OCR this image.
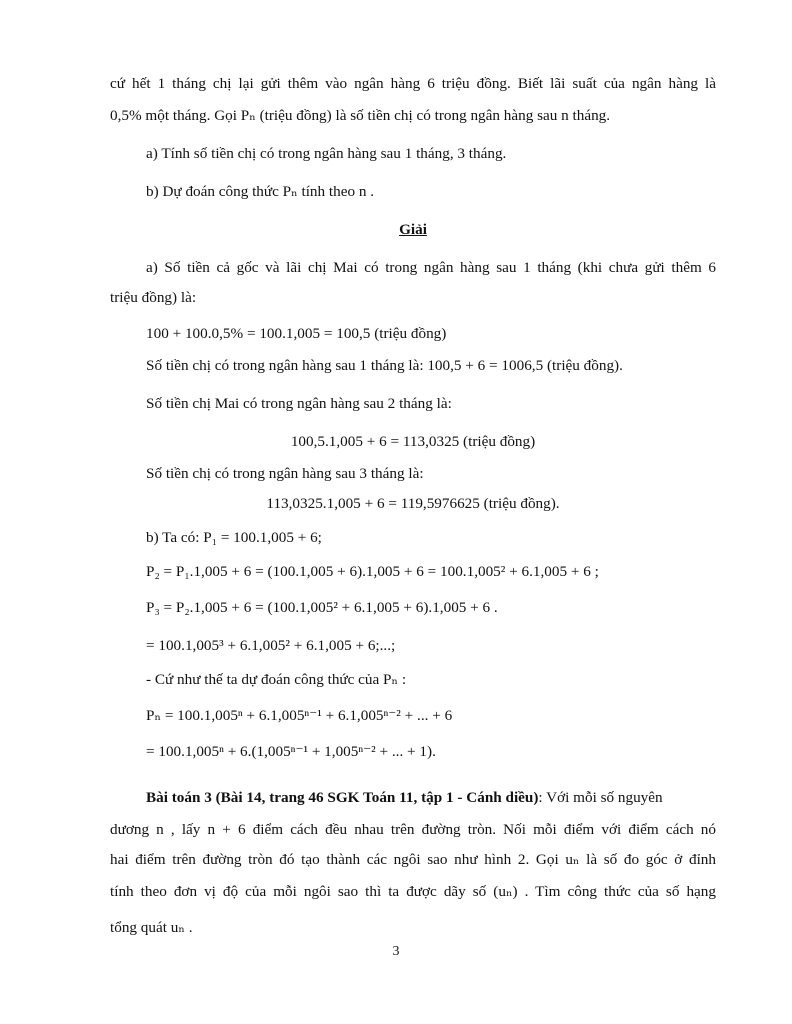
cứ hết 1 tháng chị lại gửi thêm vào ngân hàng 6 triệu đồng. Biết lãi suất của ngân hàng là
0,5% một tháng. Gọi Pₙ (triệu đồng) là số tiền chị có trong ngân hàng sau n tháng.
a) Tính số tiền chị có trong ngân hàng sau 1 tháng, 3 tháng.
b) Dự đoán công thức Pₙ tính theo n .
Giải
a) Số tiền cả gốc và lãi chị Mai có trong ngân hàng sau 1 tháng (khi chưa gửi thêm 6
triệu đồng) là:
100 + 100.0,5% = 100.1,005 = 100,5 (triệu đồng)
Số tiền chị có trong ngân hàng sau 1 tháng là: 100,5 + 6 = 1006,5 (triệu đồng).
Số tiền chị Mai có trong ngân hàng sau 2 tháng là:
100,5.1,005 + 6 = 113,0325 (triệu đồng)
Số tiền chị có trong ngân hàng sau 3 tháng là:
113,0325.1,005 + 6 = 119,5976625 (triệu đồng).
b) Ta có: P₁ = 100.1,005 + 6;
P₂ = P₁.1,005 + 6 = (100.1,005 + 6).1,005 + 6 = 100.1,005² + 6.1,005 + 6 ;
P₃ = P₂.1,005 + 6 = (100.1,005² + 6.1,005 + 6).1,005 + 6 .
= 100.1,005³ + 6.1,005² + 6.1,005 + 6;...;
- Cứ như thế ta dự đoán công thức của Pₙ :
Pₙ = 100.1,005ⁿ + 6.1,005ⁿ⁻¹ + 6.1,005ⁿ⁻² + ... + 6
= 100.1,005ⁿ + 6.(1,005ⁿ⁻¹ + 1,005ⁿ⁻² + ... + 1).
Bài toán 3 (Bài 14, trang 46 SGK Toán 11, tập 1 - Cánh diều): Với mỗi số nguyên
dương n , lấy n + 6 điểm cách đều nhau trên đường tròn. Nối mỗi điểm với điểm cách nó
hai điểm trên đường tròn đó tạo thành các ngôi sao như hình 2. Gọi uₙ là số đo góc ở đỉnh
tính theo đơn vị độ của mỗi ngôi sao thì ta được dãy số (uₙ) . Tìm công thức của số hạng
tổng quát uₙ .
3
